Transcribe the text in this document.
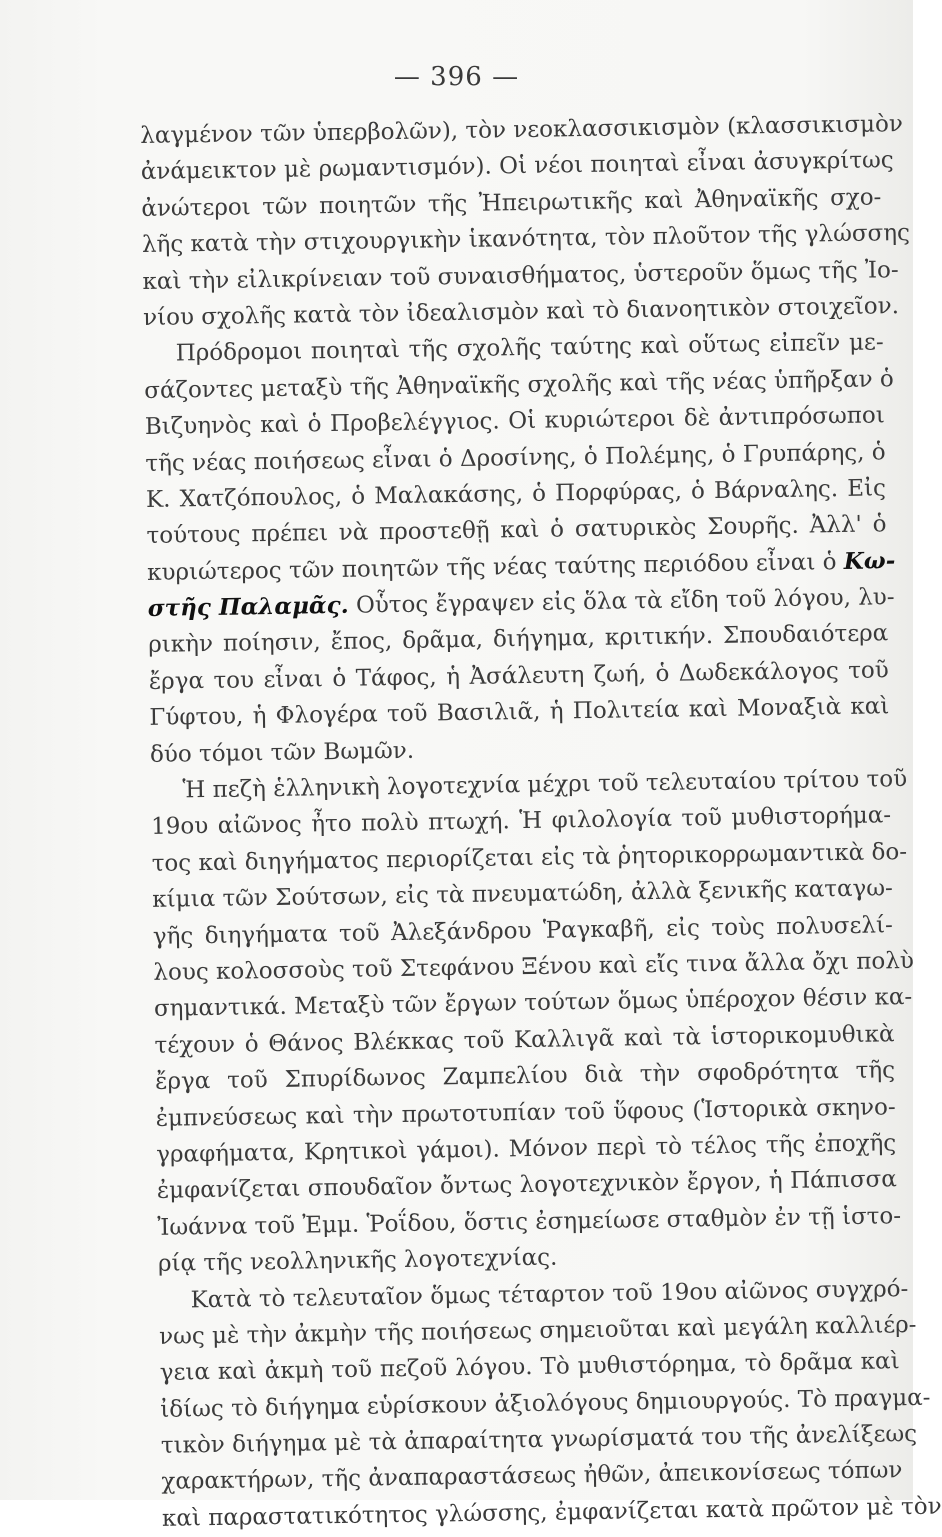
— 396 —
λαγμένον τῶν ὑπερβολῶν), τὸν νεοκλασσικισμὸν (κλασσικισμὸν
ἀνάμεικτον μὲ ρωμαντισμόν). Οἱ νέοι ποιηταὶ εἶναι ἀσυγκρίτως
ἀνώτεροι τῶν ποιητῶν τῆς Ἠπειρωτικῆς καὶ Ἀθηναϊκῆς σχο-
λῆς κατὰ τὴν στιχουργικὴν ἱκανότητα, τὸν πλοῦτον τῆς γλώσσης
καὶ τὴν εἰλικρίνειαν τοῦ συναισθήματος, ὑστεροῦν ὅμως τῆς Ἰο-
νίου σχολῆς κατὰ τὸν ἰδεαλισμὸν καὶ τὸ διανοητικὸν στοιχεῖον.
Πρόδρομοι ποιηταὶ τῆς σχολῆς ταύτης καὶ οὕτως εἰπεῖν με-
σάζοντες μεταξὺ τῆς Ἀθηναϊκῆς σχολῆς καὶ τῆς νέας ὑπῆρξαν ὁ
Βιζυηνὸς καὶ ὁ Προβελέγγιος. Οἱ κυριώτεροι δὲ ἀντιπρόσωποι
τῆς νέας ποιήσεως εἶναι ὁ Δροσίνης, ὁ Πολέμης, ὁ Γρυπάρης, ὁ
Κ. Χατζόπουλος, ὁ Μαλακάσης, ὁ Πορφύρας, ὁ Βάρναλης. Εἰς
τούτους πρέπει νὰ προστεθῇ καὶ ὁ σατυρικὸς Σουρῆς. Ἀλλ' ὁ
κυριώτερος τῶν ποιητῶν τῆς νέας ταύτης περιόδου εἶναι ὁ Κω-
στῆς Παλαμᾶς. Οὗτος ἔγραψεν εἰς ὅλα τὰ εἴδη τοῦ λόγου, λυ-
ρικὴν ποίησιν, ἔπος, δρᾶμα, διήγημα, κριτικήν. Σπουδαιότερα
ἔργα του εἶναι ὁ Τάφος, ἡ Ἀσάλευτη ζωή, ὁ Δωδεκάλογος τοῦ
Γύφτου, ἡ Φλογέρα τοῦ Βασιλιᾶ, ἡ Πολιτεία καὶ Μοναξιὰ καὶ
δύο τόμοι τῶν Βωμῶν.
Ἡ πεζὴ ἑλληνικὴ λογοτεχνία μέχρι τοῦ τελευταίου τρίτου τοῦ
19ου αἰῶνος ἦτο πολὺ πτωχή. Ἡ φιλολογία τοῦ μυθιστορήμα-
τος καὶ διηγήματος περιορίζεται εἰς τὰ ῥητορικορρωμαντικὰ δο-
κίμια τῶν Σούτσων, εἰς τὰ πνευματώδη, ἀλλὰ ξενικῆς καταγω-
γῆς διηγήματα τοῦ Ἀλεξάνδρου Ῥαγκαβῆ, εἰς τοὺς πολυσελί-
λους κολοσσοὺς τοῦ Στεφάνου Ξένου καὶ εἴς τινα ἄλλα ὄχι πολὺ
σημαντικά. Μεταξὺ τῶν ἔργων τούτων ὅμως ὑπέροχον θέσιν κα-
τέχουν ὁ Θάνος Βλέκκας τοῦ Καλλιγᾶ καὶ τὰ ἱστορικομυθικὰ
ἔργα τοῦ Σπυρίδωνος Ζαμπελίου διὰ τὴν σφοδρότητα τῆς
ἐμπνεύσεως καὶ τὴν πρωτοτυπίαν τοῦ ὕφους (Ἱστορικὰ σκηνο-
γραφήματα, Κρητικοὶ γάμοι). Μόνον περὶ τὸ τέλος τῆς ἐποχῆς
ἐμφανίζεται σπουδαῖον ὄντως λογοτεχνικὸν ἔργον, ἡ Πάπισσα
Ἰωάννα τοῦ Ἐμμ. Ῥοΐδου, ὅστις ἐσημείωσε σταθμὸν ἐν τῇ ἱστο-
ρίᾳ τῆς νεολληνικῆς λογοτεχνίας.
Κατὰ τὸ τελευταῖον ὅμως τέταρτον τοῦ 19ου αἰῶνος συγχρό-
νως μὲ τὴν ἀκμὴν τῆς ποιήσεως σημειοῦται καὶ μεγάλη καλλιέρ-
γεια καὶ ἀκμὴ τοῦ πεζοῦ λόγου. Τὸ μυθιστόρημα, τὸ δρᾶμα καὶ
ἰδίως τὸ διήγημα εὑρίσκουν ἀξιολόγους δημιουργούς. Τὸ πραγμα-
τικὸν διήγημα μὲ τὰ ἀπαραίτητα γνωρίσματά του τῆς ἀνελίξεως
χαρακτήρων, τῆς ἀναπαραστάσεως ἠθῶν, ἀπεικονίσεως τόπων
καὶ παραστατικότητος γλώσσης, ἐμφανίζεται κατὰ πρῶτον μὲ τὸν
